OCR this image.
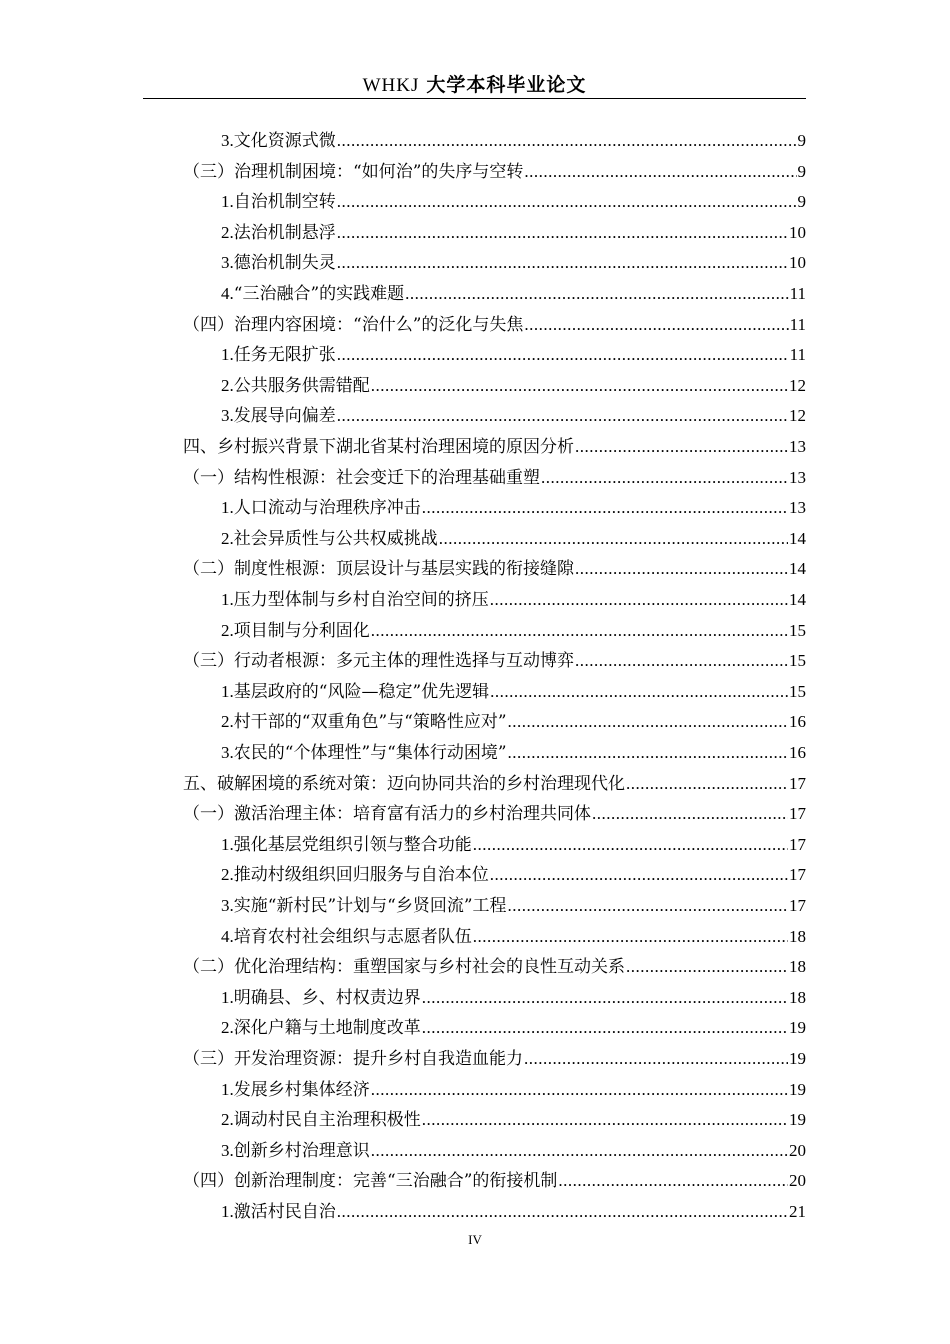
WHKJ 大学本科毕业论文
3. 文化资源式微 .....	9
（三）治理机制困境：“如何治”的失序与空转 .....	9
1. 自治机制空转 .....	9
2. 法治机制悬浮 .....	10
3. 德治机制失灵 .....	10
4. “三治融合”的实践难题 .....	11
（四）治理内容困境：“治什么”的泛化与失焦 .....	11
1. 任务无限扩张 .....	11
2. 公共服务供需错配 .....	12
3. 发展导向偏差 .....	12
四、乡村振兴背景下湖北省某村治理困境的原因分析 .....	13
（一）结构性根源：社会变迁下的治理基础重塑 .....	13
1. 人口流动与治理秩序冲击 .....	13
2. 社会异质性与公共权威挑战 .....	14
（二）制度性根源：顶层设计与基层实践的衔接缝隙 .....	14
1. 压力型体制与乡村自治空间的挤压 .....	14
2. 项目制与分利固化 .....	15
（三）行动者根源：多元主体的理性选择与互动博弈 .....	15
1. 基层政府的“风险—稳定”优先逻辑 .....	15
2. 村干部的“双重角色”与“策略性应对” .....	16
3. 农民的“个体理性”与“集体行动困境” .....	16
五、破解困境的系统对策：迈向协同共治的乡村治理现代化 .....	17
（一）激活治理主体：培育富有活力的乡村治理共同体 .....	17
1. 强化基层党组织引领与整合功能 .....	17
2. 推动村级组织回归服务与自治本位 .....	17
3. 实施“新村民”计划与“乡贤回流”工程 .....	17
4. 培育农村社会组织与志愿者队伍 .....	18
（二）优化治理结构：重塑国家与乡村社会的良性互动关系 .....	18
1. 明确县、乡、村权责边界 .....	18
2. 深化户籍与土地制度改革 .....	19
（三）开发治理资源：提升乡村自我造血能力 .....	19
1. 发展乡村集体经济 .....	19
2. 调动村民自主治理积极性 .....	19
3. 创新乡村治理意识 .....	20
（四）创新治理制度：完善“三治融合”的衔接机制 .....	20
1. 激活村民自治 .....	21
IV
